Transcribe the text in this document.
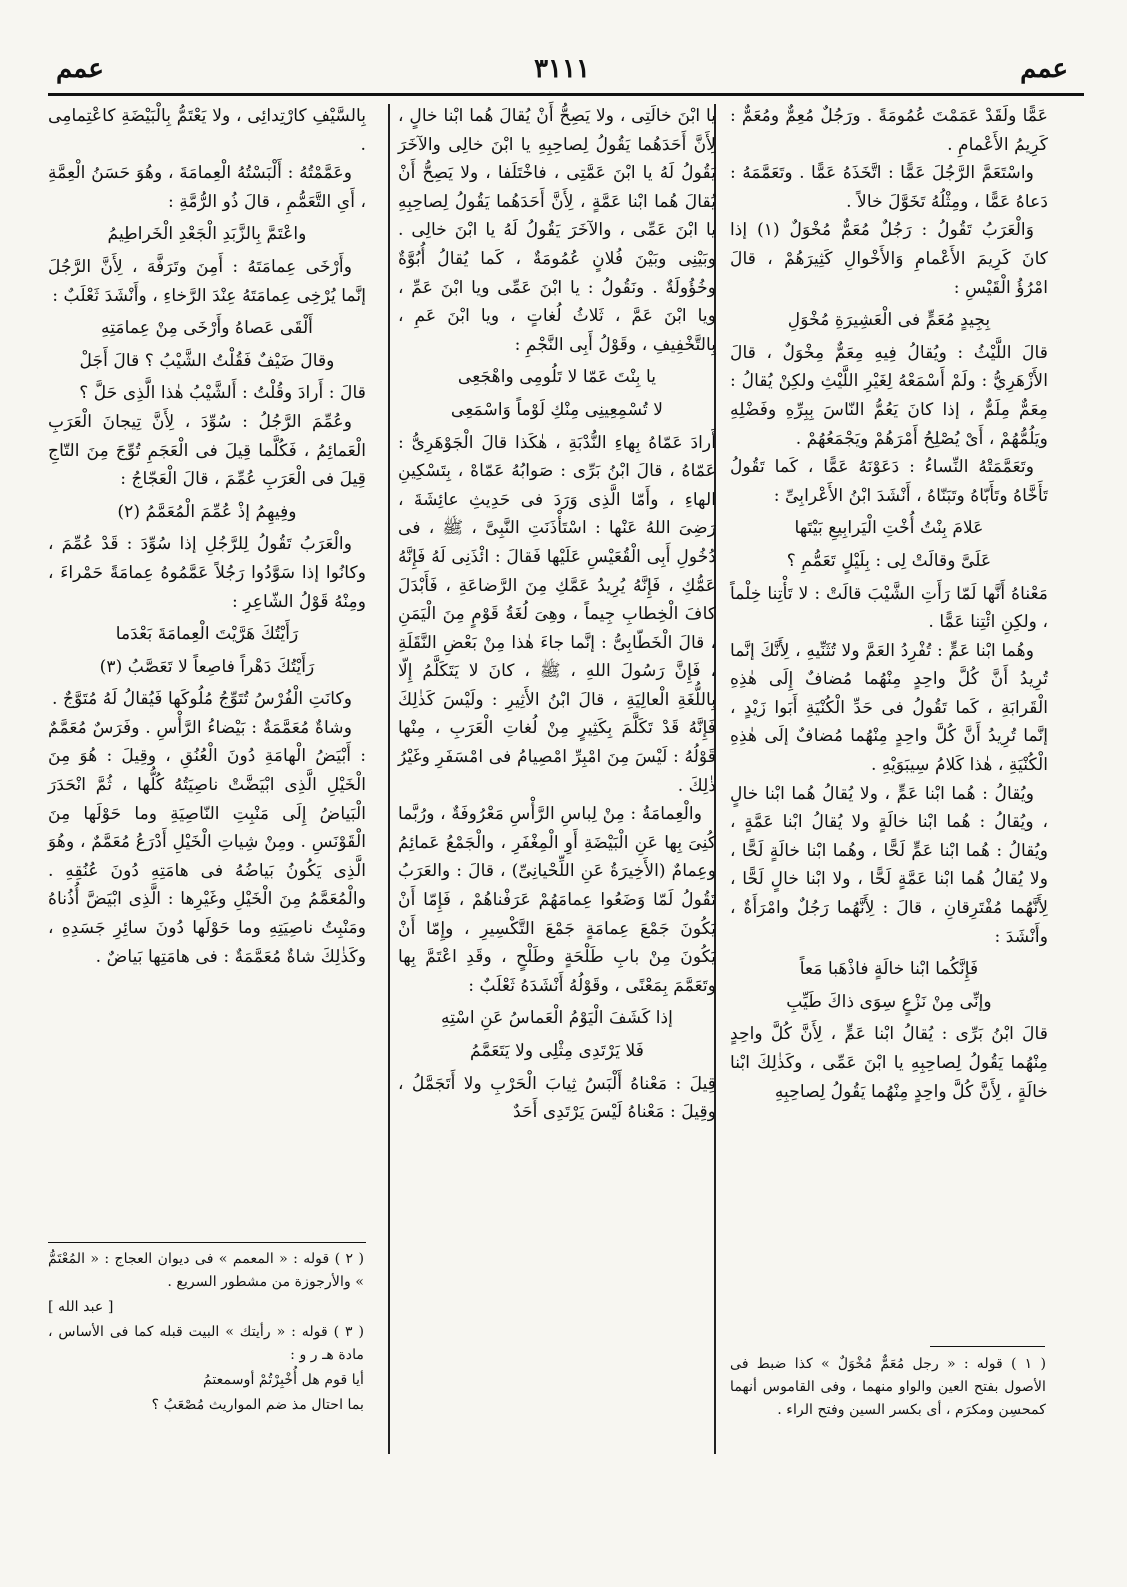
عمم
٣١١١
عمم

عَمًّا ولَقَدْ عَمَمْتَ عُمُومَةً . ورَجُلٌ مُعِمٌّ ومُعَمٌّ : كَرِيمُ الأَعْمامِ .

واسْتَعَمَّ الرَّجُلَ عَمًّا : اتَّخَذَهُ عَمًّا . وتَعَمَّمَهُ : دَعاهُ عَمًّا ، ومِثْلُهُ تَخَوَّلَ خالاً .

وَالْعَرَبُ تَقُولُ : رَجُلٌ مُعَمٌّ مُخْوَلٌ (١) إذا كانَ كَرِيمَ الأَعْمامِ وَالأَخْوالِ كَثِيرَهُمْ ، قالَ امْرُؤُ الْقَيْسِ :

بِجِيدٍ مُعَمٍّ فى الْعَشِيرَةِ مُخْوَلِ

قالَ اللَّيْثُ : ويُقالُ فِيهِ مِعَمٌّ مِخْوَلٌ ، قالَ الأَزْهَرِيُّ : ولَمْ أَسْمَعْهُ لِغَيْرِ اللَّيْثِ ولكِنْ يُقالُ : مِعَمٌّ مِلَمٌّ ، إذا كانَ يَعُمُّ النّاسَ بِبِرِّهِ وفَضْلِهِ ويَلُمُّهُمْ ، أَىْ يُصْلِحُ أَمْرَهُمْ ويَجْمَعُهُمْ .

وتَعَمَّمَتْهُ النِّساءُ : دَعَوْنَهُ عَمًّا ، كَما تَقُولُ تَأَخَّاهُ وتَأَبّاهُ وتَبَنّاهُ ، أَنْشَدَ ابْنُ الأَعْرابِىِّ :

عَلامَ بِنْتُ أُخْتِ الْيَرابِيعِ بَيْتَها

عَلَىَّ وقالَتْ لِى : بِلَيْلٍ تَعَمُّمِ ؟

مَعْناهُ أَنَّها لَمّا رَأَتِ الشَّيْبَ قالَتْ : لا تَأْتِنا خِلْماً ، ولكِنِ ائْتِنا عَمًّا .

وهُما ابْنا عَمٍّ : تُفْرِدُ العَمَّ ولا تُثَنِّيهِ ، لِأَنَّكَ إنَّما تُرِيدُ أَنَّ كُلَّ واحِدٍ مِنْهُما مُضافٌ إِلَى هٰذِهِ الْقَرابَةِ ، كَما تَقُولُ فى حَدِّ الْكُنْيَةِ أَبَوا زَيْدٍ ، إنَّما تُرِيدُ أَنَّ كُلَّ واحِدٍ مِنْهُما مُضافٌ إلَى هٰذِهِ الْكُنْيَةِ ، هٰذا كَلامُ سِيبَوَيْهِ .

ويُقالُ : هُما ابْنا عَمٍّ ، ولا يُقالُ هُما ابْنا خالٍ ، ويُقالُ : هُما ابْنا خالَةٍ ولا يُقالُ ابْنا عَمَّةٍ ، ويُقالُ : هُما ابْنا عَمٍّ لَحًّا ، وهُما ابْنا خالَةٍ لَحًّا ، ولا يُقالُ هُما ابْنا عَمَّةٍ لَحًّا ، ولا ابْنا خالٍ لَحًّا ، لِأَنَّهُما مُفْتَرِقانِ ، قالَ : لِأَنَّهُما رَجُلٌ وامْرَأَةٌ ، وأَنْشَدَ :

فَإِنَّكُما ابْنا خالَةٍ فاذْهَبا مَعاً

وإنِّى مِنْ نَزْعٍ سِوَى ذاكَ طَيِّبِ

قالَ ابْنُ بَرِّى : يُقالُ ابْنا عَمٍّ ، لِأَنَّ كُلَّ واحِدٍ مِنْهُما يَقُولُ لِصاحِبِهِ يا ابْنَ عَمِّى ، وكَذٰلِكَ ابْنا خالَةٍ ، لِأَنَّ كُلَّ واحِدٍ مِنْهُما يَقُولُ لِصاحِبِهِ

( ١ ) قوله : « رجل مُعَمٌّ مُخْوَلٌ » كذا ضبط فى الأصول بفتح العين والواو منهما ، وفى القاموس أنهما كمحسِن ومكرَم ، أى بكسر السين وفتح الراء .

يا ابْنَ خالَتِى ، ولا يَصِحُّ أَنْ يُقالَ هُما ابْنا خالٍ ، لِأَنَّ أَحَدَهُما يَقُولُ لِصاحِبِهِ يا ابْنَ خالِى والآخَرَ يَقُولُ لَهُ يا ابْنَ عَمَّتِى ، فاخْتَلَفا ، ولا يَصِحُّ أَنْ يُقالَ هُما ابْنا عَمَّةٍ ، لِأَنَّ أَحَدَهُما يَقُولُ لِصاحِبِهِ يا ابْنَ عَمِّى ، والآخَرَ يَقُولُ لَهُ يا ابْنَ خالِى . وبَيْنِى وبَيْنَ فُلانٍ عُمُومَةٌ ، كَما يُقالُ أُبُوَّةٌ وخُؤُولَةٌ . ونَقُولُ : يا ابْنَ عَمِّى ويا ابْنَ عَمِّ ، ويا ابْنَ عَمَّ ، ثَلاثُ لُغاتٍ ، ويا ابْنَ عَمِ ، بِالتَّخْفِيفِ ، وقَوْلُ أَبِى النَّجْمِ :

يا بِنْتَ عَمّا لا تَلُومِى واهْجَعِى

لا تُسْمِعِينِى مِنْكِ لَوْماً وَاسْمَعِى

أَرادَ عَمّاهُ بِهاءِ النُّدْبَةِ ، هٰكَذا قالَ الْجَوْهَرِىُّ : عَمّاهُ ، قالَ ابْنُ بَرِّى : صَوابُهُ عَمّاهْ ، بِتَسْكِينِ الهاءِ ، وأَمّا الَّذِى وَرَدَ فى حَدِيثِ عائِشَةَ ، رَضِىَ اللهُ عَنْها : اسْتَأْذَنَتِ النَّبِىَّ ، ﷺ ، فى دُخُولِ أَبِى الْقُعَيْسِ عَلَيْها فَقالَ : ائْذَنِى لَهُ فَإِنَّهُ عَمُّكِ ، فَإِنَّهُ يُرِيدُ عَمَّكِ مِنَ الرَّضاعَةِ ، فَأَبْدَلَ كافَ الْخِطابِ جِيماً ، وهِىَ لُغَةُ قَوْمٍ مِنَ الْيَمَنِ ، قالَ الْخَطّابِىُّ : إنَّما جاءَ هٰذا مِنْ بَعْضِ النَّقَلَةِ ، فَإِنَّ رَسُولَ اللهِ ، ﷺ ، كانَ لا يَتَكَلَّمُ إِلّا بِاللُّغَةِ الْعالِيَةِ ، قالَ ابْنُ الأَثِيرِ : ولَيْسَ كَذٰلِكَ فَإِنَّهُ قَدْ تَكَلَّمَ بِكَثِيرٍ مِنْ لُغاتِ الْعَرَبِ ، مِنْها قَوْلُهُ : لَيْسَ مِنَ امْبِرِّ امْصِيامُ فى امْسَفَرِ وغَيْرُ ذٰلِكَ .

والْعِمامَةُ : مِنْ لِباسِ الرَّأْسِ مَعْرُوفَةٌ ، ورُبَّما كُنِىَ بِها عَنِ الْبَيْضَةِ أَوِ الْمِغْفَرِ ، والْجَمْعُ عَمائِمُ وعِمامٌ (الأَخِيرَةُ عَنِ اللِّحْيانِىِّ) ، قالَ : والعَرَبُ تَقُولُ لَمّا وَضَعُوا عِمامَهُمْ عَرَفْناهُمْ ، فَإِمّا أَنْ يَكُونَ جَمْعَ عِمامَةٍ جَمْعَ التَّكْسِيرِ ، وإِمّا أَنْ يَكُونَ مِنْ بابِ طَلْحَةٍ وطَلْحٍ ، وقَدِ اعْتَمَّ بِها وتَعَمَّمَ بِمَعْنًى ، وقَوْلُهُ أَنْشَدَهُ ثَعْلَبٌ :

إذا كَشَفَ الْيَوْمُ الْعَماسُ عَنِ اسْتِهِ

فَلا يَرْتَدِى مِثْلِى ولا يَتَعَمَّمُ

قِيلَ : مَعْناهُ أَلْبَسُ ثِيابَ الْحَرْبِ ولا أَتَجَمَّلُ ، وقِيلَ : مَعْناهُ لَيْسَ يَرْتَدِى أَحَدٌ

بِالسَّيْفِ كارْتِدائِى ، ولا يَعْتَمُّ بِالْبَيْضَةِ كاعْتِمامِى .

وعَمَّمْتُهُ : أَلْبَسْتُهُ الْعِمامَةَ ، وهُوَ حَسَنُ الْعِمَّةِ ، أَىِ التَّعَمُّمِ ، قالَ ذُو الرُّمَّةِ :

واعْتَمَّ بِالزَّبَدِ الْجَعْدِ الْخَراطِيمُ

وأَرْخَى عِمامَتَهُ : أَمِنَ وتَرَفَّهَ ، لِأَنَّ الرَّجُلَ إنَّما يُرْخِى عِمامَتَهُ عِنْدَ الرَّخاءِ ، وأَنْشَدَ ثَعْلَبٌ :

أَلْقَى عَصاهُ وأَرْخَى مِنْ عِمامَتِهِ

وقالَ ضَيْفٌ فَقُلْتُ الشَّيْبُ ؟ قالَ أَجَلْ

قالَ : أَرادَ وقُلْتُ : أَلشَّيْبُ هٰذا الَّذِى حَلَّ ؟

وعُمِّمَ الرَّجُلُ : سُوِّدَ ، لِأَنَّ تِيجانَ الْعَرَبِ الْعَمائِمُ ، فَكُلَّما قِيلَ فى الْعَجَمِ تُوِّجَ مِنَ التّاجِ قِيلَ فى الْعَرَبِ عُمِّمَ ، قالَ الْعَجّاجُ :

وفِيهِمُ إذْ عُمِّمَ الْمُعَمَّمُ (٢)

والْعَرَبُ تَقُولُ لِلرَّجُلِ إذا سُوِّدَ : قَدْ عُمِّمَ ، وكانُوا إذا سَوَّدُوا رَجُلاً عَمَّمُوهُ عِمامَةً حَمْراءَ ، ومِنْهُ قَوْلُ الشّاعِرِ :

رَأَيْتُكَ هَرَّيْتَ الْعِمامَةَ بَعْدَما

رَأَيْتُكَ دَهْراً فاصِعاً لا تَعَصَّبُ (٣)

وكانَتِ الْفُرْسُ تُتَوِّجُ مُلُوكَها فَيُقالُ لَهُ مُتَوَّجٌ .

وشاةٌ مُعَمَّمَةٌ : بَيْضاءُ الرَّأْسِ . وفَرَسٌ مُعَمَّمٌ : أَبْيَضُ الْهامَةِ دُونَ الْعُنُقِ ، وقِيلَ : هُوَ مِنَ الْخَيْلِ الَّذِى ابْيَضَّتْ ناصِيَتُهُ كُلُّها ، ثُمَّ انْحَدَرَ الْبَياضُ إِلَى مَنْبِتِ النّاصِيَةِ وما حَوْلَها مِنَ الْقَوْنَسِ . ومِنْ شِياتِ الْخَيْلِ أَدْرَعُ مُعَمَّمٌ ، وهُوَ الَّذِى يَكُونُ بَياضُهُ فى هامَتِهِ دُونَ عُنُقِهِ . والْمُعَمَّمُ مِنَ الْخَيْلِ وغَيْرِها : الَّذِى ابْيَضَّ أُذُناهُ ومَنْبِتُ ناصِيَتِهِ وما حَوْلَها دُونَ سائِرِ جَسَدِهِ ، وكَذٰلِكَ شاةٌ مُعَمَّمَةٌ : فى هامَتِها بَياضٌ .

( ٢ ) قوله : « المعمم » فى ديوان العجاج : « المُعْتَمُّ » والأرجوزة من مشطور السريع .

[ عبد الله ]

( ٣ ) قوله : « رأيتك » البيت قبله كما فى الأساس ، مادة هـ ر و :

أيا قوم هل أُخْبِرْتُمْ أوسمعتمُ

بما احتال مذ ضم المواريث مُصْعَبُ ؟
